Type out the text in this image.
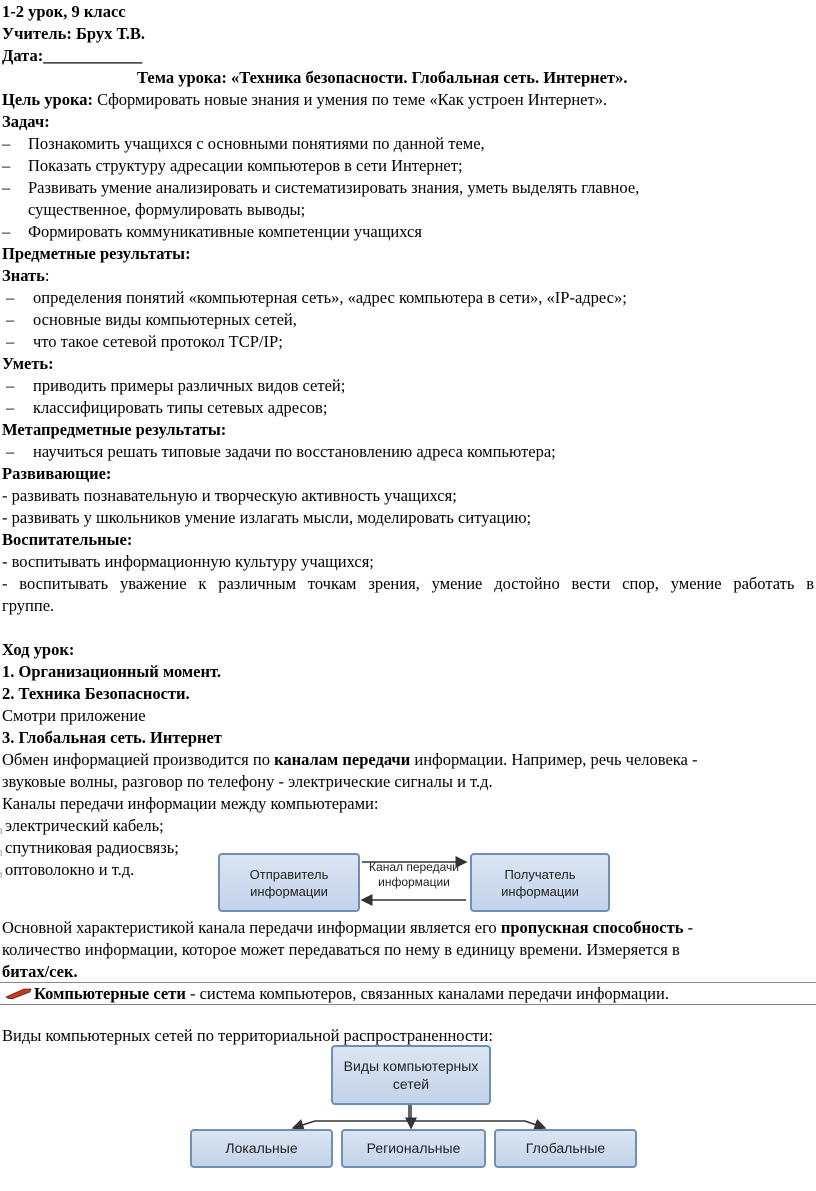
1-2 урок, 9 класс
Учитель: Брух Т.В.
Дата:____________
Тема урока: «Техника безопасности. Глобальная сеть. Интернет».
Цель урока: Сформировать новые знания и умения по теме «Как устроен Интернет».
Задач:
– Познакомить учащихся с основными понятиями по данной теме,
– Показать структуру адресации компьютеров в сети Интернет;
– Развивать умение анализировать и систематизировать знания, уметь выделять главное,
существенное, формулировать выводы;
– Формировать коммуникативные компетенции учащихся
Предметные результаты:
Знать:
– определения понятий «компьютерная сеть», «адрес компьютера в сети», «IP-адрес»;
– основные виды компьютерных сетей,
– что такое сетевой протокол TCP/IP;
Уметь:
– приводить примеры различных видов сетей;
– классифицировать типы сетевых адресов;
Метапредметные результаты:
– научиться решать типовые задачи по восстановлению адреса компьютера;
Развивающие:
- развивать познавательную и творческую активность учащихся;
- развивать у школьников умение излагать мысли, моделировать ситуацию;
Воспитательные:
- воспитывать информационную культуру учащихся;
- воспитывать уважение к различным точкам зрения, умение достойно вести спор, умение работать в
группе.
Ход урок:
1. Организационный момент.
2. Техника Безопасности.
Смотри приложение
3. Глобальная сеть. Интернет
Обмен информацией производится по каналам передачи информации. Например, речь человека -
звуковые волны, разговор по телефону - электрические сигналы и т.д.
Каналы передачи информации между компьютерами:
Ï электрический кабель;
Ï спутниковая радиосвязь;
Ï оптоволокно и т.д.	Отправитель
информации
Канал передачи
информации
Получатель
информации
Основной характеристикой канала передачи информации является его пропускная способность -
количество информации, которое может передаваться по нему в единицу времени. Измеряется в
битах/сек.
Компьютерные сети - система компьютеров, связанных каналами передачи информации.
Виды компьютерных сетей по территориальной распространенности:
Виды компьютерных
сетей
Локальные	Региональные	Глобальные
